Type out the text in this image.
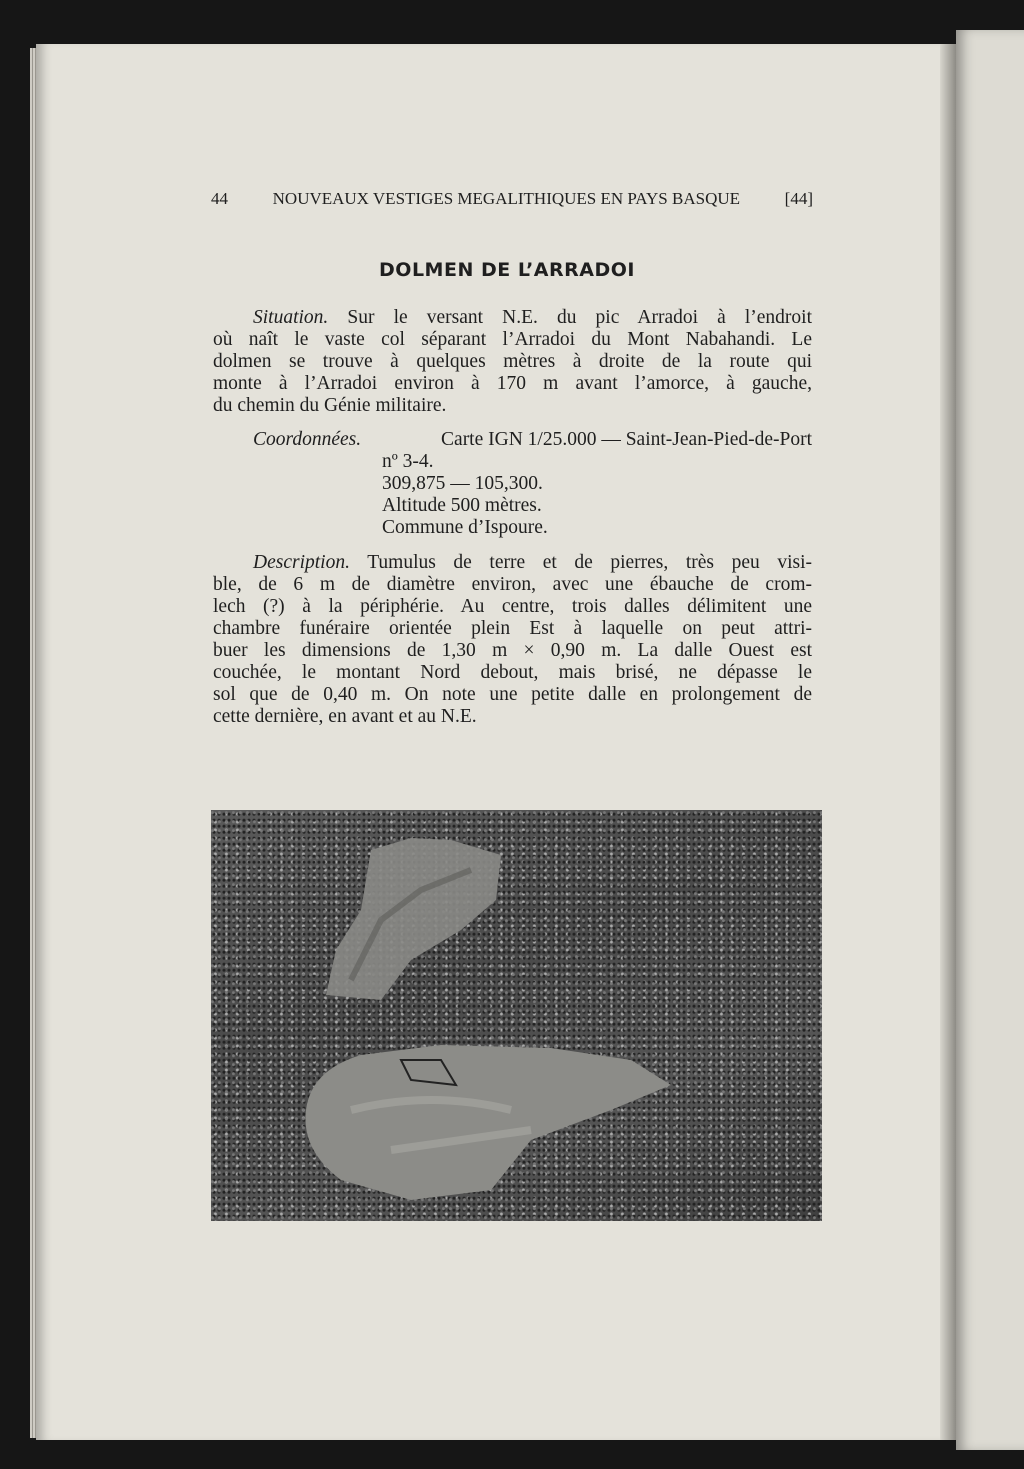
44	NOUVEAUX VESTIGES MEGALITHIQUES EN PAYS BASQUE	[44]
DOLMEN DE L’ARRADOI
Situation. Sur le versant N.E. du pic Arradoi à l’endroit
où naît le vaste col séparant l’Arradoi du Mont Nabahandi. Le
dolmen se trouve à quelques mètres à droite de la route qui
monte à l’Arradoi environ à 170 m avant l’amorce, à gauche,
du chemin du Génie militaire.
Coordonnées.	Carte IGN 1/25.000 — Saint-Jean-Pied-de-Port
nº 3-4.
309,875 — 105,300.
Altitude 500 mètres.
Commune d’Ispoure.
Description. Tumulus de terre et de pierres, très peu visi-
ble, de 6 m de diamètre environ, avec une ébauche de crom-
lech (?) à la périphérie. Au centre, trois dalles délimitent une
chambre funéraire orientée plein Est à laquelle on peut attri-
buer les dimensions de 1,30 m × 0,90 m. La dalle Ouest est
couchée, le montant Nord debout, mais brisé, ne dépasse le
sol que de 0,40 m. On note une petite dalle en prolongement de
cette dernière, en avant et au N.E.
